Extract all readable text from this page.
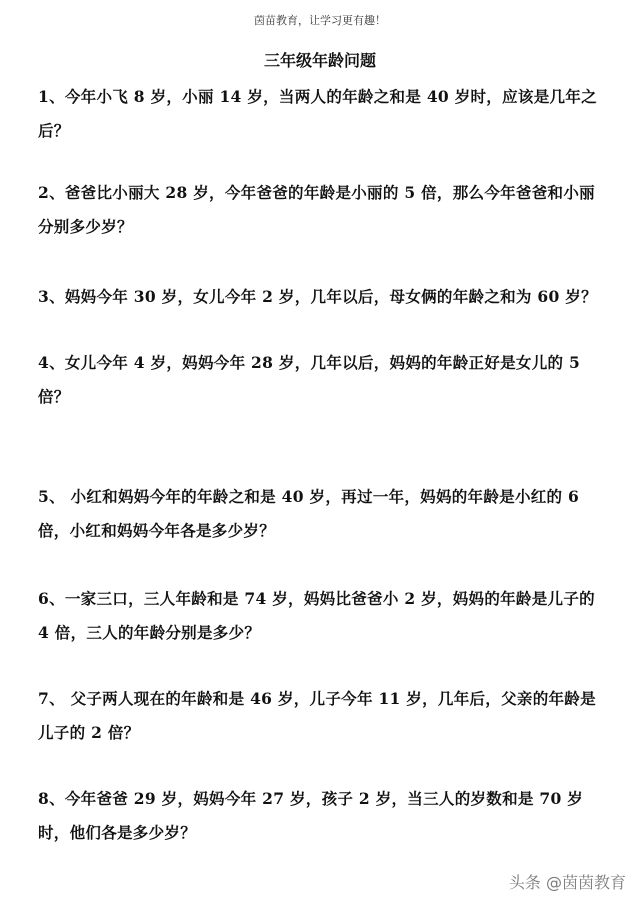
茵苗教育，让学习更有趣！
三年级年龄问题
1、今年小飞 8 岁，小丽 14 岁，当两人的年龄之和是 40 岁时，应该是几年之后？
2、爸爸比小丽大 28 岁，今年爸爸的年龄是小丽的 5 倍，那么今年爸爸和小丽分别多少岁？
3、妈妈今年 30 岁，女儿今年 2 岁，几年以后，母女俩的年龄之和为 60 岁？
4、女儿今年 4 岁，妈妈今年 28 岁，几年以后，妈妈的年龄正好是女儿的 5 倍？
5、 小红和妈妈今年的年龄之和是 40 岁，再过一年，妈妈的年龄是小红的 6 倍，小红和妈妈今年各是多少岁？
6、一家三口，三人年龄和是 74 岁，妈妈比爸爸小 2 岁，妈妈的年龄是儿子的 4 倍，三人的年龄分别是多少？
7、 父子两人现在的年龄和是 46 岁，儿子今年 11 岁，几年后，父亲的年龄是儿子的 2 倍？
8、今年爸爸 29 岁，妈妈今年 27 岁，孩子 2 岁，当三人的岁数和是 70 岁时，他们各是多少岁？
头条 @茵茵教育
